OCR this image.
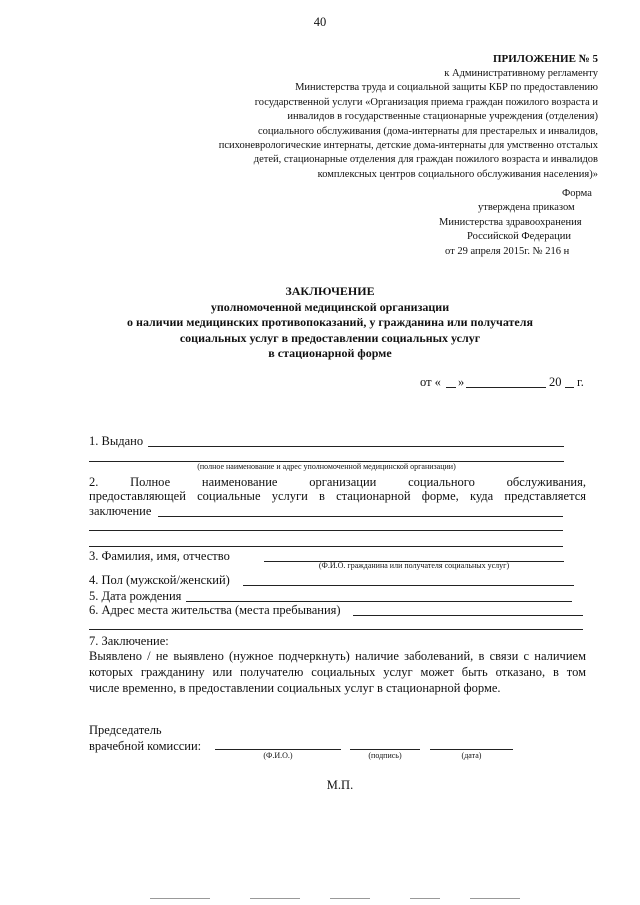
40
ПРИЛОЖЕНИЕ № 5
к Административному регламенту
Министерства труда и социальной защиты КБР по предоставлению
государственной услуги «Организация приема граждан пожилого возраста и
инвалидов в государственные стационарные учреждения (отделения)
социального обслуживания (дома-интернаты для престарелых и инвалидов,
психоневрологические интернаты, детские дома-интернаты для умственно отсталых
детей, стационарные отделения для граждан пожилого возраста и инвалидов
комплексных центров социального обслуживания населения)»
Форма
утверждена приказом
Министерства здравоохранения
Российской Федерации
от 29 апреля 2015г. № 216 н
ЗАКЛЮЧЕНИЕ
уполномоченной медицинской организации
о наличии медицинских противопоказаний, у гражданина или получателя
социальных услуг в предоставлении социальных услуг
в стационарной форме
от « »	20 г.
1. Выдано
(полное наименование и адрес уполномоченной медицинской организации)
2. Полное наименование организации социального обслуживания,
предоставляющей социальные услуги в стационарной форме, куда представляется
заключение
3. Фамилия, имя, отчество
(Ф.И.О. гражданина или получателя социальных услуг)
4. Пол (мужской/женский)
5. Дата рождения
6. Адрес места жительства (места пребывания)
7. Заключение:
Выявлено / не выявлено (нужное подчеркнуть) наличие заболеваний, в связи с наличием
которых гражданину или получателю социальных услуг может быть отказано, в том
числе временно, в предоставлении социальных услуг в стационарной форме.
Председатель
врачебной комиссии:
(Ф.И.О.)	(подпись)	(дата)
М.П.
